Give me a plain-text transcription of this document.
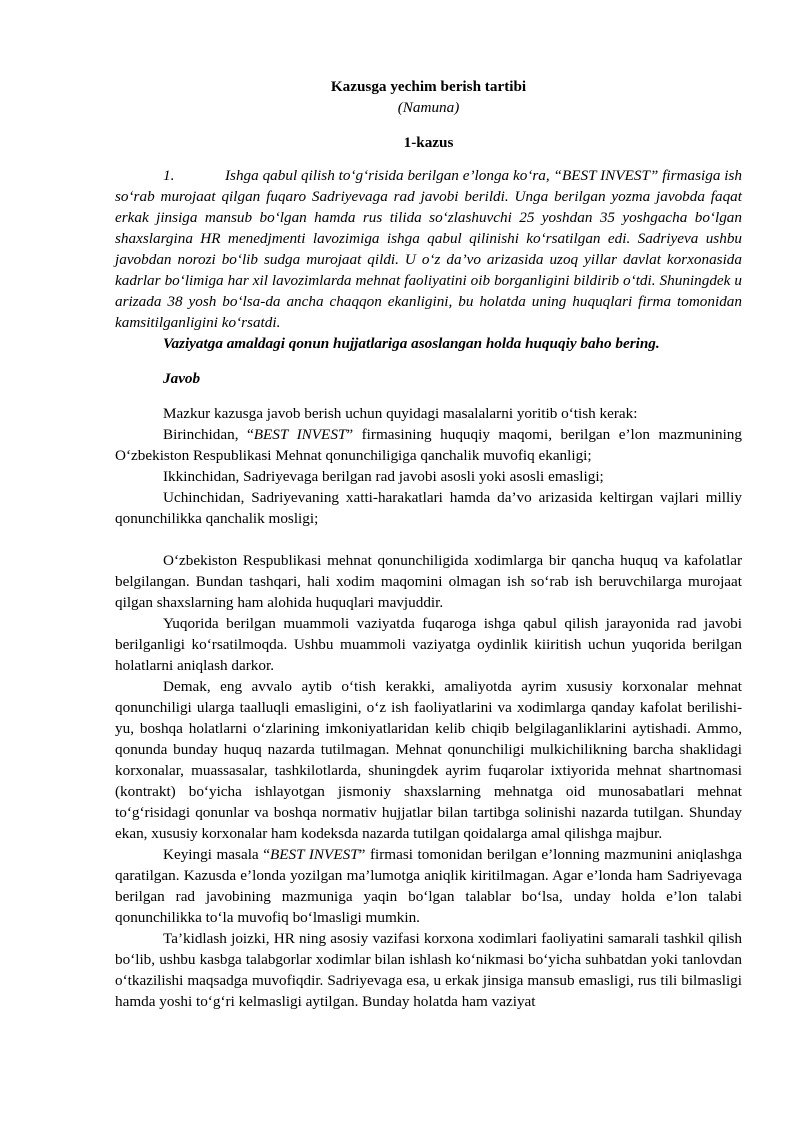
Kazusga yechim berish tartibi

(Namuna)

1-kazus

1.	Ishga qabul qilish to‘g‘risida berilgan e’longa ko‘ra, “BEST INVEST” firmasiga ish so‘rab murojaat qilgan fuqaro Sadriyevaga rad javobi berildi. Unga berilgan yozma javobda faqat erkak jinsiga mansub bo‘lgan hamda rus tilida so‘zlashuvchi 25 yoshdan 35 yoshgacha bo‘lgan shaxslargina HR menedjmenti lavozimiga ishga qabul qilinishi ko‘rsatilgan edi. Sadriyeva ushbu javobdan norozi bo‘lib sudga murojaat qildi. U o‘z da’vo arizasida uzoq yillar davlat korxonasida kadrlar bo‘limiga har xil lavozimlarda mehnat faoliyatini oib borganligini bildirib o‘tdi. Shuningdek u arizada 38 yosh bo‘lsa-da ancha chaqqon ekanligini, bu holatda uning huquqlari firma tomonidan kamsitilganligini ko‘rsatdi.

Vaziyatga amaldagi qonun hujjatlariga asoslangan holda huquqiy baho bering.

Javob

Mazkur kazusga javob berish uchun quyidagi masalalarni yoritib o‘tish kerak:

Birinchidan, “BEST INVEST” firmasining huquqiy maqomi, berilgan e’lon mazmunining O‘zbekiston Respublikasi Mehnat qonunchiligiga qanchalik muvofiq ekanligi;

Ikkinchidan, Sadriyevaga berilgan rad javobi asosli yoki asosli emasligi;

Uchinchidan, Sadriyevaning xatti-harakatlari hamda da’vo arizasida keltirgan vajlari milliy qonunchilikka qanchalik mosligi;

O‘zbekiston Respublikasi mehnat qonunchiligida xodimlarga bir qancha huquq va kafolatlar belgilangan. Bundan tashqari, hali xodim maqomini olmagan ish so‘rab ish beruvchilarga murojaat qilgan shaxslarning ham alohida huquqlari mavjuddir.

Yuqorida berilgan muammoli vaziyatda fuqaroga ishga qabul qilish jarayonida rad javobi berilganligi ko‘rsatilmoqda. Ushbu muammoli vaziyatga oydinlik kiiritish uchun yuqorida berilgan holatlarni aniqlash darkor.

Demak, eng avvalo aytib o‘tish kerakki, amaliyotda ayrim xususiy korxonalar mehnat qonunchiligi ularga taalluqli emasligini, o‘z ish faoliyatlarini va xodimlarga qanday kafolat berilishi-yu, boshqa holatlarni o‘zlarining imkoniyatlaridan kelib chiqib belgilaganliklarini aytishadi. Ammo, qonunda bunday huquq nazarda tutilmagan. Mehnat qonunchiligi mulkichilikning barcha shaklidagi korxonalar, muassasalar, tashkilotlarda, shuningdek ayrim fuqarolar ixtiyorida mehnat shartnomasi (kontrakt) bo‘yicha ishlayotgan jismoniy shaxslarning mehnatga oid munosabatlari mehnat to‘g‘risidagi qonunlar va boshqa normativ hujjatlar bilan tartibga solinishi nazarda tutilgan. Shunday ekan, xususiy korxonalar ham kodeksda nazarda tutilgan qoidalarga amal qilishga majbur.

Keyingi masala “BEST INVEST” firmasi tomonidan berilgan e’lonning mazmunini aniqlashga qaratilgan. Kazusda e’londa yozilgan ma’lumotga aniqlik kiritilmagan. Agar e’londa ham Sadriyevaga berilgan rad javobining mazmuniga yaqin bo‘lgan talablar bo‘lsa, unday holda e’lon talabi qonunchilikka to‘la muvofiq bo‘lmasligi mumkin.

Ta’kidlash joizki, HR ning asosiy vazifasi korxona xodimlari faoliyatini samarali tashkil qilish bo‘lib, ushbu kasbga talabgorlar xodimlar bilan ishlash ko‘nikmasi bo‘yicha suhbatdan yoki tanlovdan o‘tkazilishi maqsadga muvofiqdir. Sadriyevaga esa, u erkak jinsiga mansub emasligi, rus tili bilmasligi hamda yoshi to‘g‘ri kelmasligi aytilgan. Bunday holatda ham vaziyat
